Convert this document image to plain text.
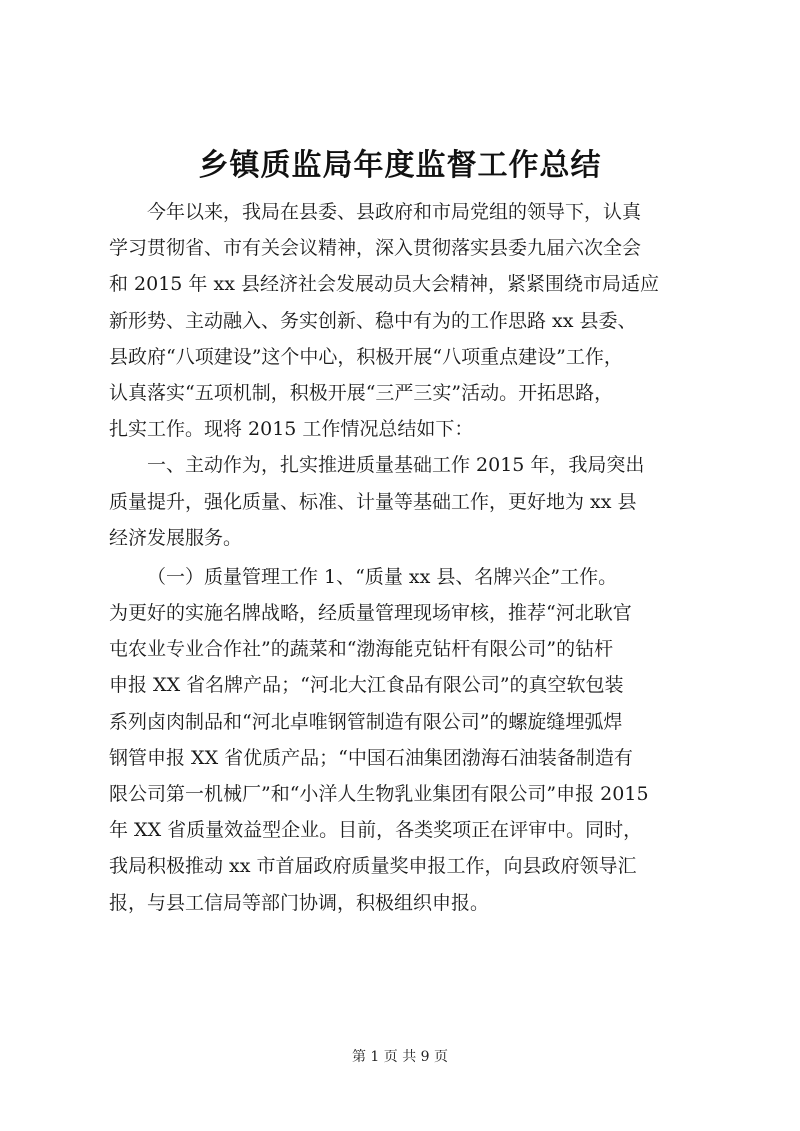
乡镇质监局年度监督工作总结
今年以来，我局在县委、县政府和市局党组的领导下，认真
学习贯彻省、市有关会议精神，深入贯彻落实县委九届六次全会
和 2015 年 xx 县经济社会发展动员大会精神，紧紧围绕市局适应
新形势、主动融入、务实创新、稳中有为的工作思路 xx 县委、
县政府“八项建设”这个中心，积极开展“八项重点建设”工作，
认真落实“五项机制，积极开展“三严三实”活动。开拓思路，
扎实工作。现将 2015 工作情况总结如下：
一、主动作为，扎实推进质量基础工作 2015 年，我局突出
质量提升，强化质量、标准、计量等基础工作，更好地为 xx 县
经济发展服务。
（一）质量管理工作 1、“质量 xx 县、名牌兴企”工作。
为更好的实施名牌战略，经质量管理现场审核，推荐“河北耿官
屯农业专业合作社”的蔬菜和“渤海能克钻杆有限公司”的钻杆
申报 XX 省名牌产品；“河北大江食品有限公司”的真空软包装
系列卤肉制品和“河北卓唯钢管制造有限公司”的螺旋缝埋弧焊
钢管申报 XX 省优质产品；“中国石油集团渤海石油装备制造有
限公司第一机械厂”和“小洋人生物乳业集团有限公司”申报 2015
年 XX 省质量效益型企业。目前，各类奖项正在评审中。同时，
我局积极推动 xx 市首届政府质量奖申报工作，向县政府领导汇
报，与县工信局等部门协调，积极组织申报。
第 1 页 共 9 页
